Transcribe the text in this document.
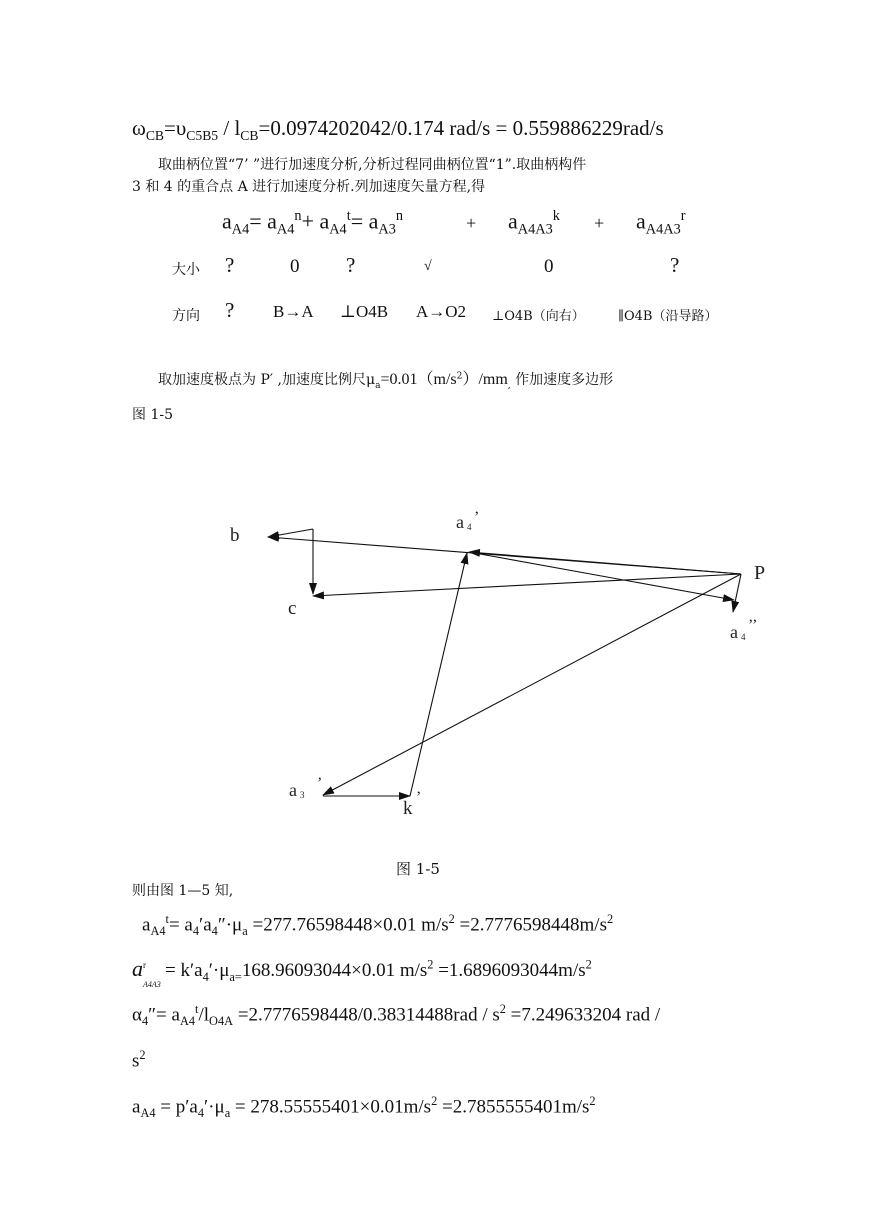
$\omega_{CB}=\upsilon_{C5B5} / l_{CB}=0.0974202042/0.174$ rad/s = 0.559886229rad/s
取曲柄位置“7’ ”进行加速度分析,分析过程同曲柄位置“1”.取曲柄构件
3 和 4 的重合点 A 进行加速度分析.列加速度矢量方程,得
$a_{A4}= a_{A4}^n+ a_{A4}^t= a_{A3}^n$	+ $a_{A4A3}^k + a_{A4A3}^r$
大小 ?	0 ?	√	0	?
方向 ? B→A ⊥O4B A→O2 ⊥O4B（向右）	∥O4B（沿导路）
取加速度极点为 P′ ,加速度比例尺$\mu_a=0.01(m/s^2)/mm_,$ 作加速度多边形
图 1-5
b
c
a 4
’
P
a 4
’’
a 3
’
k
’
图 1-5
则由图 1—5 知,
$a_{A4}^t= a_4'a_4''\cdot\mu_a =277.76598448\times 0.01$ $m/s^2 =2.7776598448m/s^2$
a r
A4A3
= $k'a_4'\cdot\mu_{a=}168.96093044\times 0.01$ $m/s^2 =1.6896093044m/s^2$
$\alpha_4''= a_{A4}^t/l_{O4A} =2.7776598448/0.38314488rad / s^2 =7.249633204$ rad /
$s^2$
$a_{A4} = p'a_4'\cdot\mu_a = 278.55555401\times 0.01m/s^2 =2.7855555401m/s^2$
